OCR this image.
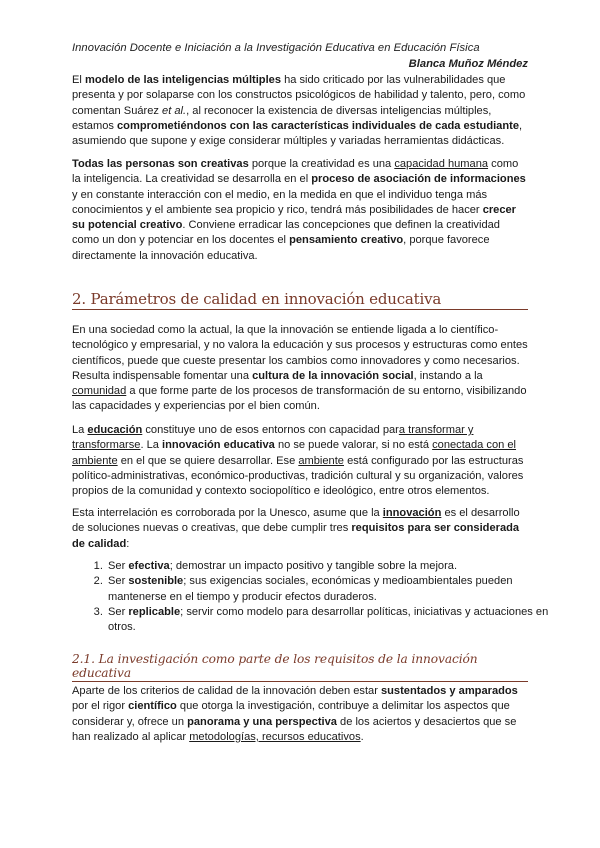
Innovación Docente e Iniciación a la Investigación Educativa en Educación Física
Blanca Muñoz Méndez

El modelo de las inteligencias múltiples ha sido criticado por las vulnerabilidades que presenta y por solaparse con los constructos psicológicos de habilidad y talento, pero, como comentan Suárez et al., al reconocer la existencia de diversas inteligencias múltiples, estamos comprometiéndonos con las características individuales de cada estudiante, asumiendo que supone y exige considerar múltiples y variadas herramientas didácticas.

Todas las personas son creativas porque la creatividad es una capacidad humana como la inteligencia. La creatividad se desarrolla en el proceso de asociación de informaciones y en constante interacción con el medio, en la medida en que el individuo tenga más conocimientos y el ambiente sea propicio y rico, tendrá más posibilidades de hacer crecer su potencial creativo. Conviene erradicar las concepciones que definen la creatividad como un don y potenciar en los docentes el pensamiento creativo, porque favorece directamente la innovación educativa.

2. Parámetros de calidad en innovación educativa

En una sociedad como la actual, la que la innovación se entiende ligada a lo científico-tecnológico y empresarial, y no valora la educación y sus procesos y estructuras como entes científicos, puede que cueste presentar los cambios como innovadores y como necesarios. Resulta indispensable fomentar una cultura de la innovación social, instando a la comunidad a que forme parte de los procesos de transformación de su entorno, visibilizando las capacidades y experiencias por el bien común.

La educación constituye uno de esos entornos con capacidad para transformar y transformarse. La innovación educativa no se puede valorar, si no está conectada con el ambiente en el que se quiere desarrollar. Ese ambiente está configurado por las estructuras político-administrativas, económico-productivas, tradición cultural y su organización, valores propios de la comunidad y contexto sociopolítico e ideológico, entre otros elementos.

Esta interrelación es corroborada por la Unesco, asume que la innovación es el desarrollo de soluciones nuevas o creativas, que debe cumplir tres requisitos para ser considerada de calidad:

1. Ser efectiva; demostrar un impacto positivo y tangible sobre la mejora.
2. Ser sostenible; sus exigencias sociales, económicas y medioambientales pueden mantenerse en el tiempo y producir efectos duraderos.
3. Ser replicable; servir como modelo para desarrollar políticas, iniciativas y actuaciones en otros.
2.1. La investigación como parte de los requisitos de la innovación educativa

Aparte de los criterios de calidad de la innovación deben estar sustentados y amparados por el rigor científico que otorga la investigación, contribuye a delimitar los aspectos que considerar y, ofrece un panorama y una perspectiva de los aciertos y desaciertos que se han realizado al aplicar metodologías, recursos educativos.
